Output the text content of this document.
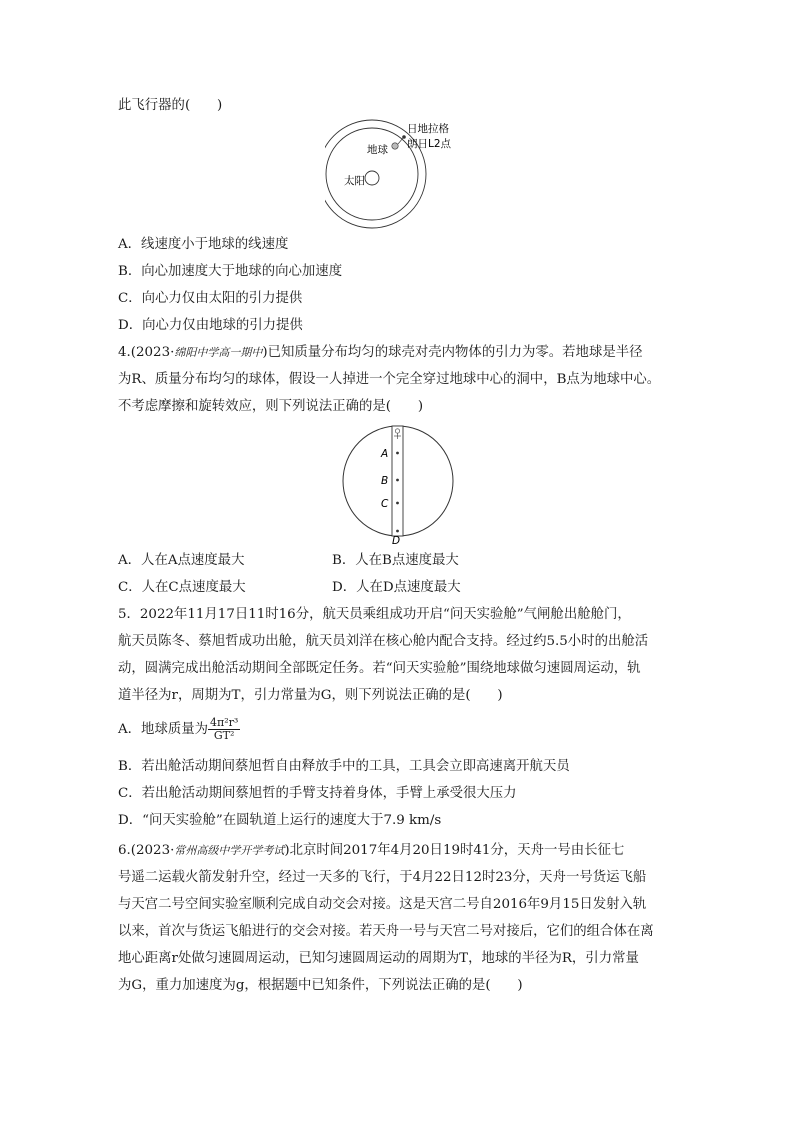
此飞行器的(　　)
日地拉格
朗日L2点
地球
太阳
A．线速度小于地球的线速度
B．向心加速度大于地球的向心加速度
C．向心力仅由太阳的引力提供
D．向心力仅由地球的引力提供
4.(2023·绵阳中学高一期中)已知质量分布均匀的球壳对壳内物体的引力为零。若地球是半径
为R、质量分布均匀的球体，假设一人掉进一个完全穿过地球中心的洞中，B点为地球中心。
不考虑摩擦和旋转效应，则下列说法正确的是(　　)
A
B
C
D
A．人在A点速度最大	B．人在B点速度最大
C．人在C点速度最大	D．人在D点速度最大
5．2022年11月17日11时16分，航天员乘组成功开启“问天实验舱”气闸舱出舱舱门，
航天员陈冬、蔡旭哲成功出舱，航天员刘洋在核心舱内配合支持。经过约5.5小时的出舱活
动，圆满完成出舱活动期间全部既定任务。若“问天实验舱”围绕地球做匀速圆周运动，轨
道半径为r，周期为T，引力常量为G，则下列说法正确的是(　　)
A．地球质量为 $\frac{\text{4π²r³}}{\text{GT²}}$
B．若出舱活动期间蔡旭哲自由释放手中的工具，工具会立即高速离开航天员
C．若出舱活动期间蔡旭哲的手臂支持着身体，手臂上承受很大压力
D．“问天实验舱”在圆轨道上运行的速度大于7.9 km/s
6.(2023·常州高级中学开学考试)北京时间2017年4月20日19时41分，天舟一号由长征七
号遥二运载火箭发射升空，经过一天多的飞行，于4月22日12时23分，天舟一号货运飞船
与天宫二号空间实验室顺利完成自动交会对接。这是天宫二号自2016年9月15日发射入轨
以来，首次与货运飞船进行的交会对接。若天舟一号与天宫二号对接后，它们的组合体在离
地心距离r处做匀速圆周运动，已知匀速圆周运动的周期为T，地球的半径为R，引力常量
为G，重力加速度为g，根据题中已知条件，下列说法正确的是(　　)
